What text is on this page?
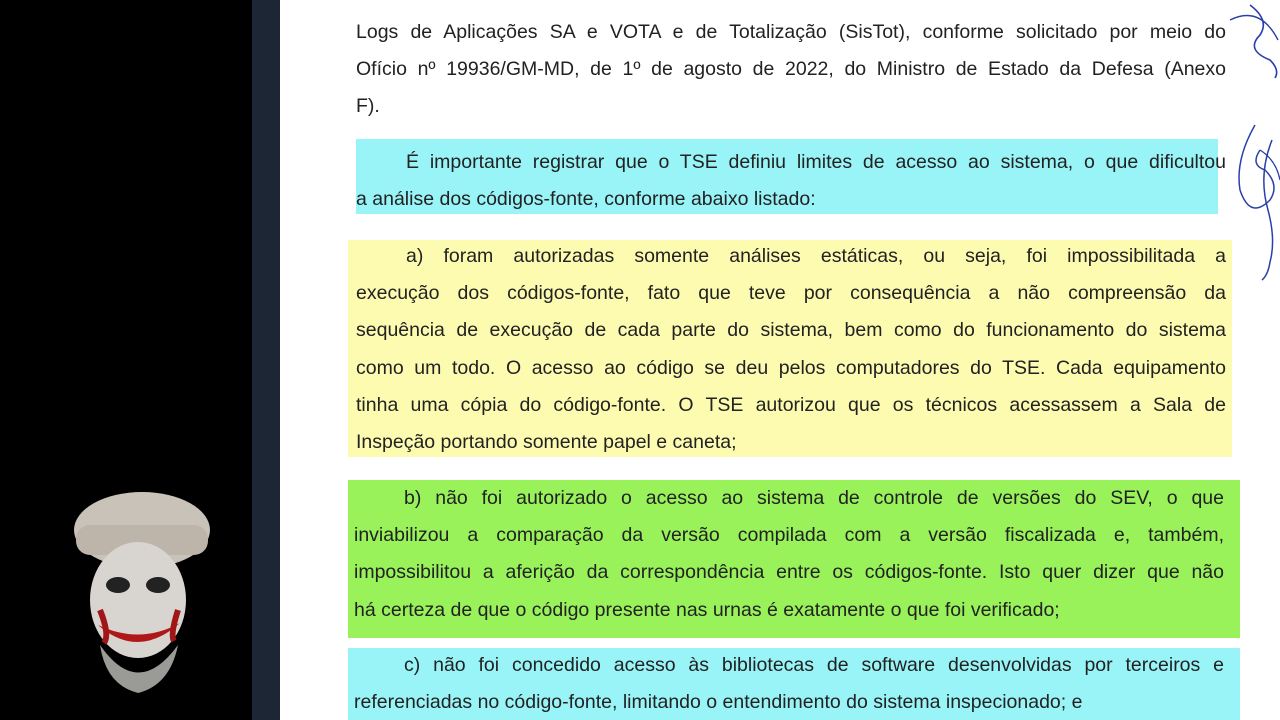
Logs de Aplicações SA e VOTA e de Totalização (SisTot), conforme solicitado por meio do
Ofício nº 19936/GM-MD, de 1º de agosto de 2022, do Ministro de Estado da Defesa (Anexo
F).
É importante registrar que o TSE definiu limites de acesso ao sistema, o que dificultou
a análise dos códigos-fonte, conforme abaixo listado:
a) foram autorizadas somente análises estáticas, ou seja, foi impossibilitada a
execução dos códigos-fonte, fato que teve por consequência a não compreensão da
sequência de execução de cada parte do sistema, bem como do funcionamento do sistema
como um todo. O acesso ao código se deu pelos computadores do TSE. Cada equipamento
tinha uma cópia do código-fonte. O TSE autorizou que os técnicos acessassem a Sala de
Inspeção portando somente papel e caneta;
b) não foi autorizado o acesso ao sistema de controle de versões do SEV, o que
inviabilizou a comparação da versão compilada com a versão fiscalizada e, também,
impossibilitou a aferição da correspondência entre os códigos-fonte. Isto quer dizer que não
há certeza de que o código presente nas urnas é exatamente o que foi verificado;
c) não foi concedido acesso às bibliotecas de software desenvolvidas por terceiros e
referenciadas no código-fonte, limitando o entendimento do sistema inspecionado; e
